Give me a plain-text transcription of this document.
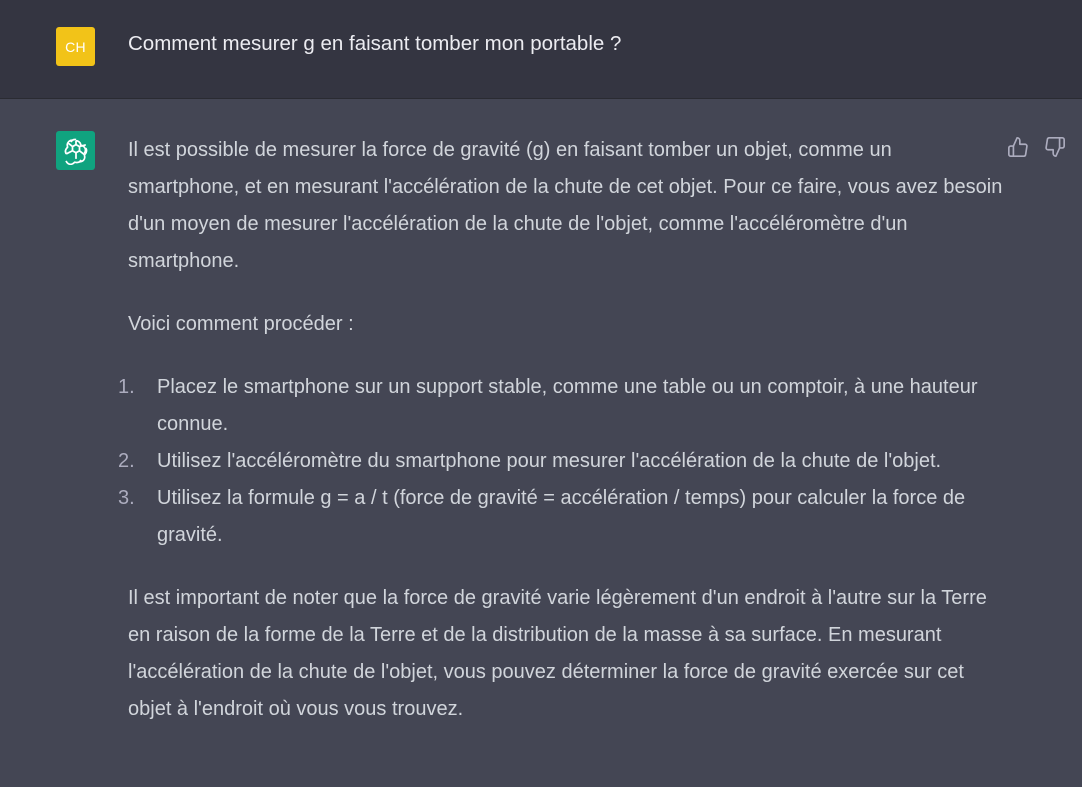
CH	Comment mesurer g en faisant tomber mon portable ?

Il est possible de mesurer la force de gravité (g) en faisant tomber un objet, comme un smartphone, et en mesurant l'accélération de la chute de cet objet. Pour ce faire, vous avez besoin d'un moyen de mesurer l'accélération de la chute de l'objet, comme l'accéléromètre d'un smartphone.

Voici comment procéder :

1. Placez le smartphone sur un support stable, comme une table ou un comptoir, à une hauteur connue.
2. Utilisez l'accéléromètre du smartphone pour mesurer l'accélération de la chute de l'objet.
3. Utilisez la formule g = a / t (force de gravité = accélération / temps) pour calculer la force de gravité.

Il est important de noter que la force de gravité varie légèrement d'un endroit à l'autre sur la Terre en raison de la forme de la Terre et de la distribution de la masse à sa surface. En mesurant l'accélération de la chute de l'objet, vous pouvez déterminer la force de gravité exercée sur cet objet à l'endroit où vous vous trouvez.
